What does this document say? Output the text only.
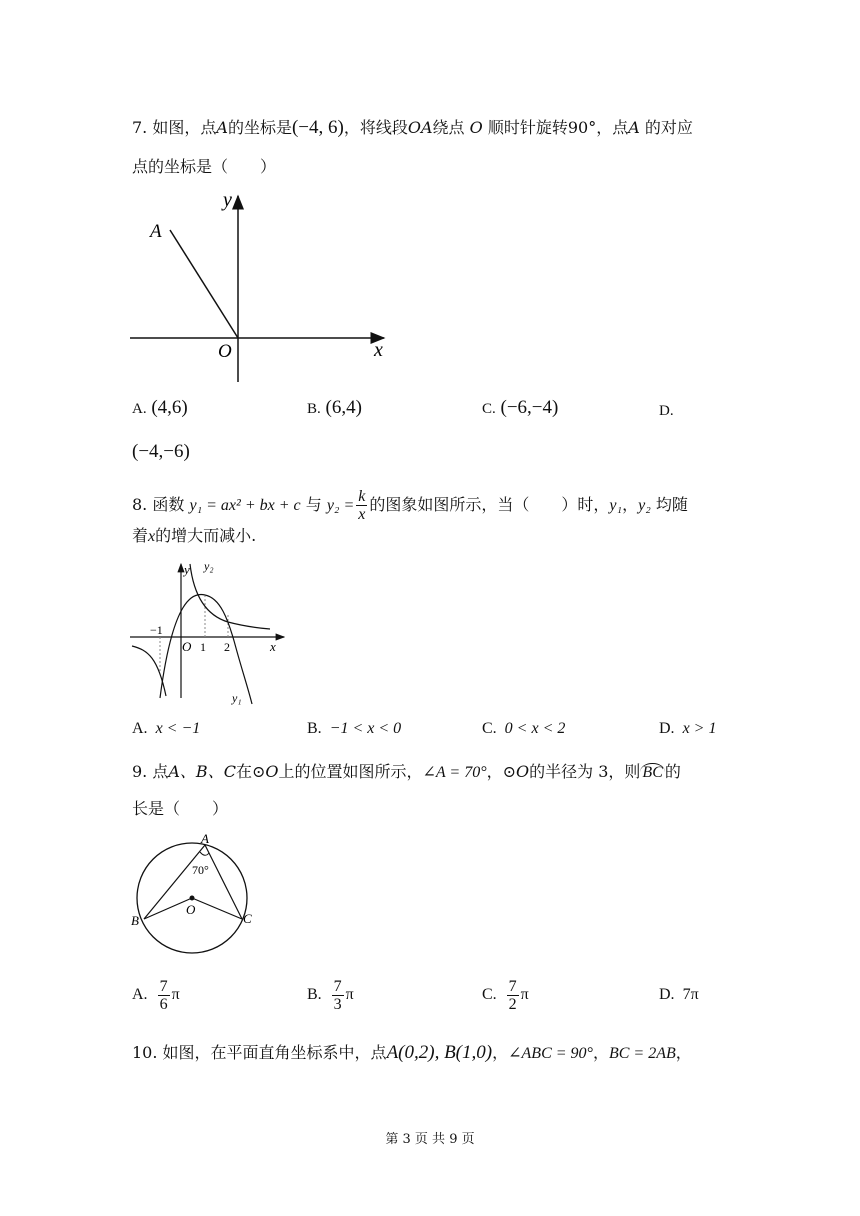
7. 如图，点A的坐标是(−4, 6)，将线段OA绕点 O 顺时针旋转90°，点A 的对应
点的坐标是（　　）
y
A
O	x
A. (4,6)	B. (6,4)	C. (−6,−4)	D.
(−4,−6)
8. 函数 y₁ = ax² + bx + c 与 $y_2 = \frac{k}{x}$ 的图象如图所示，当（　　）时，y₁，y₂ 均随
着x的增大而减小.
y y₂
−1
O 1 2	x
y₁
A. x < −1	B. −1 < x < 0	C. 0 < x < 2	D. x > 1
9. 点A、B、C在⊙O上的位置如图所示，∠A = 70°，⊙O的半径为 3，则 BC 的
长是（　　）
A
70°
O
B	C
A. $\frac{7}{6}$ π	B. $\frac{7}{3}$ π	C. $\frac{7}{2}$ π	D. 7π
10. 如图，在平面直角坐标系中，点A(0,2), B(1,0)，∠ABC = 90°，BC = 2AB，
第 3 页 共 9 页
